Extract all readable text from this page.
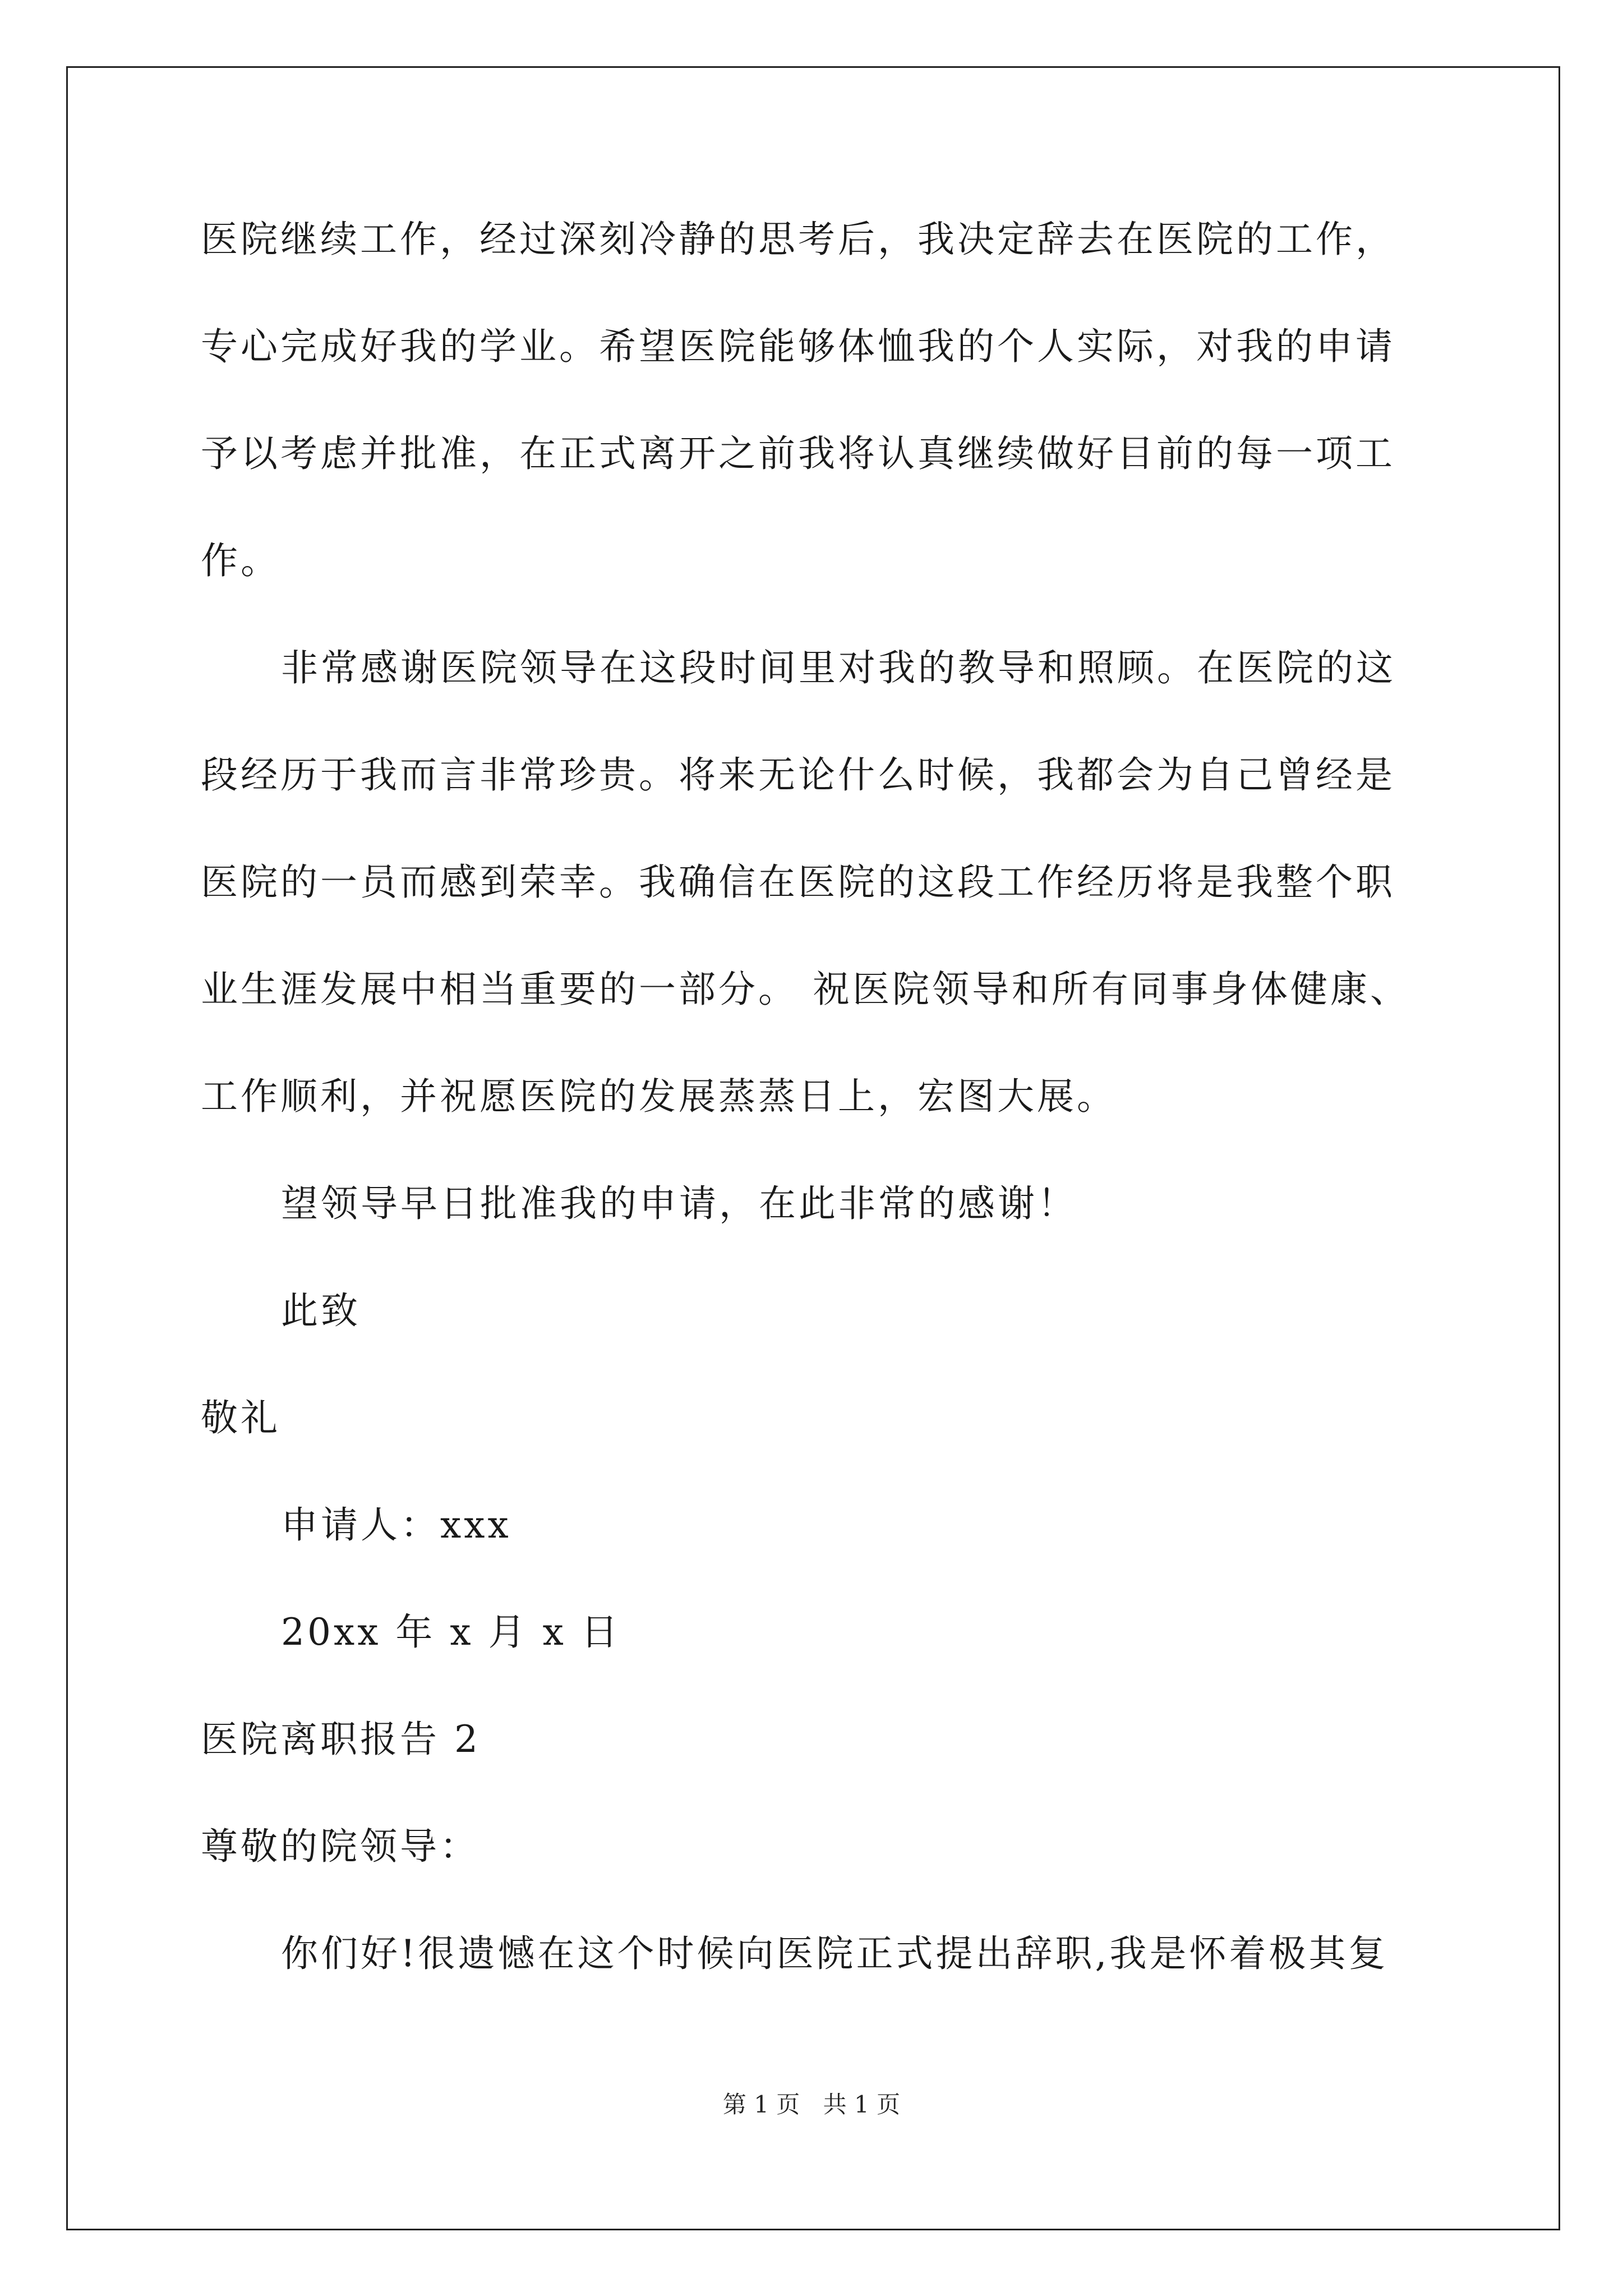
医院继续工作，经过深刻冷静的思考后，我决定辞去在医院的工作，
专心完成好我的学业。希望医院能够体恤我的个人实际，对我的申请
予以考虑并批准，在正式离开之前我将认真继续做好目前的每一项工
作。
非常感谢医院领导在这段时间里对我的教导和照顾。在医院的这
段经历于我而言非常珍贵。将来无论什么时候，我都会为自己曾经是
医院的一员而感到荣幸。我确信在医院的这段工作经历将是我整个职
业生涯发展中相当重要的一部分。 祝医院领导和所有同事身体健康、
工作顺利，并祝愿医院的发展蒸蒸日上，宏图大展。
望领导早日批准我的申请，在此非常的感谢！
此致
敬礼
申请人：xxx
20xx 年 x 月 x 日
医院离职报告 2
尊敬的院领导：
你们好!很遗憾在这个时候向医院正式提出辞职,我是怀着极其复
第 1 页 共 1 页
